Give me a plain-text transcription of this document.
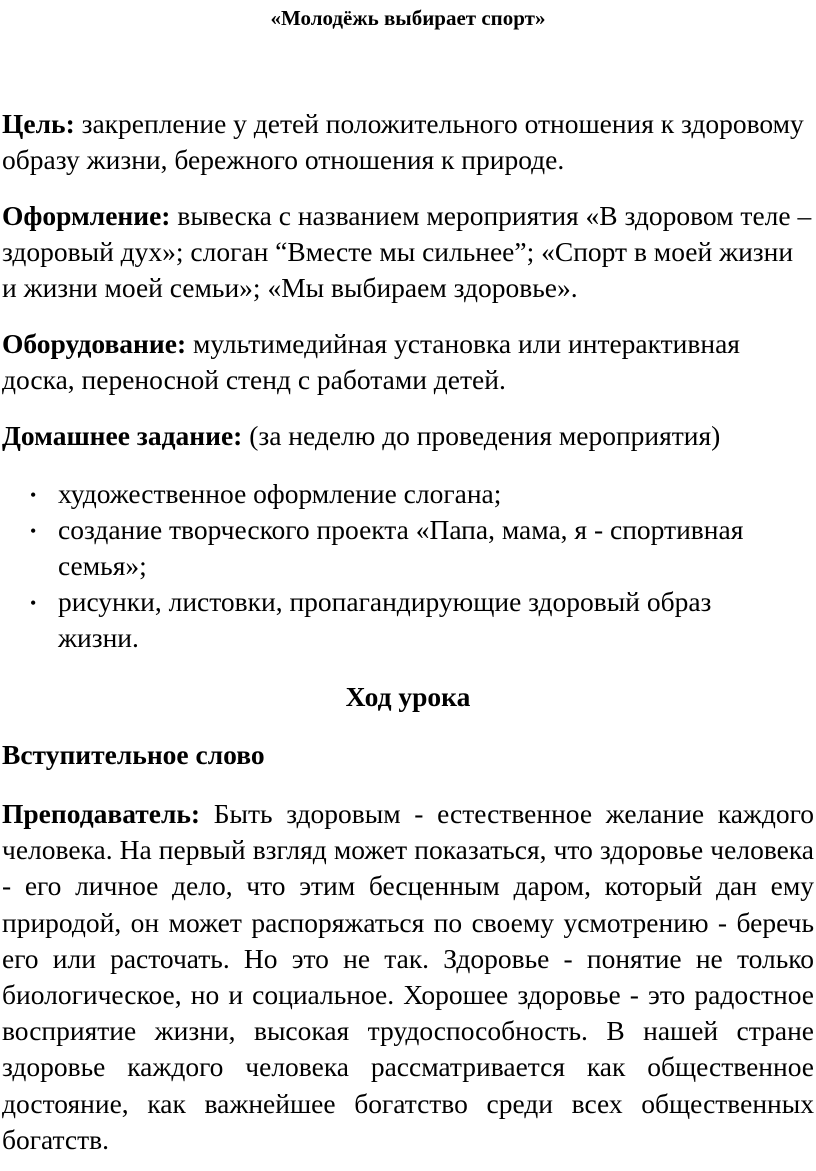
«Молодёжь выбирает спорт»
Цель: закрепление у детей положительного отношения к здоровому образу жизни, бережного отношения к природе.
Оформление: вывеска с названием мероприятия «В здоровом теле – здоровый дух»; слоган “Вместе мы сильнее”; «Спорт в моей жизни и жизни моей семьи»; «Мы выбираем здоровье».
Оборудование: мультимедийная установка или интерактивная доска, переносной стенд с работами детей.
Домашнее задание: (за неделю до проведения мероприятия)
• художественное оформление слогана;
• создание творческого проекта «Папа, мама, я - спортивная семья»;
• рисунки, листовки, пропагандирующие здоровый образ жизни.
Ход урока
Вступительное слово
Преподаватель: Быть здоровым - естественное желание каждого человека. На первый взгляд может показаться, что здоровье человека - его личное дело, что этим бесценным даром, который дан ему природой, он может распоряжаться по своему усмотрению - беречь его или расточать. Но это не так. Здоровье - понятие не только биологическое, но и социальное. Хорошее здоровье - это радостное восприятие жизни, высокая трудоспособность. В нашей стране здоровье каждого человека рассматривается как общественное достояние, как важнейшее богатство среди всех общественных богатств.
